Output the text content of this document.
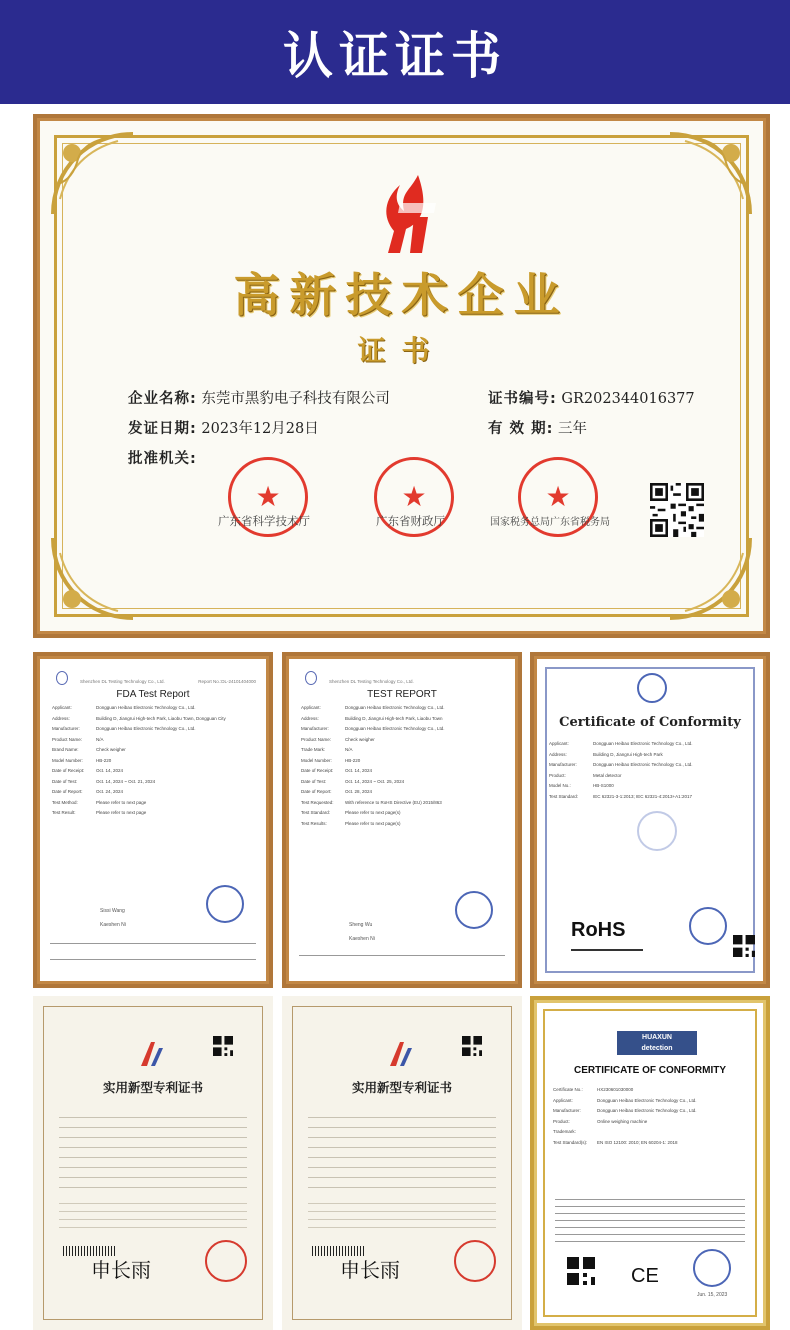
认证证书
高新技术企业
证书
企业名称: 东莞市黑豹电子科技有限公司	证书编号: GR202344016377
发证日期: 2023年12月28日	有 效 期: 三年
批准机关:
★
广东省科学技术厅
★
广东省财政厅
★
国家税务总局广东省税务局
Shenzhen DL Testing Technology Co., Ltd.	Report No.:DL-24101404000
FDA Test Report
Applicant:	Dongguan Heibao Electronic Technology Co., Ltd.
Address:	Building D, Jiangrui High-tech Park, Liaobu Town, Dongguan City
Manufacturer:	Dongguan Heibao Electronic Technology Co., Ltd.
Product Name:	N/A
Brand Name:	Check weigher
Model Number:	HB-220
Date of Receipt:	Oct. 14, 2024
Date of Test:	Oct. 14, 2024 ~ Oct. 21, 2024
Date of Report:	Oct. 24, 2024
Test Method:	Please refer to next page
Test Result:	Please refer to next page
Sissi Wang
Kaeshen Ni
Shenzhen DL Testing Technology Co., Ltd.
TEST REPORT
Applicant:	Dongguan Heibao Electronic Technology Co., Ltd.
Address:	Building D, Jiangrui High-tech Park, Liaobu Town
Manufacturer:	Dongguan Heibao Electronic Technology Co., Ltd.
Product Name:	Check weigher
Trade Mark:	N/A
Model Number:	HB-220
Date of Receipt:	Oct. 14, 2024
Date of Test:	Oct. 14, 2024 ~ Oct. 25, 2024
Date of Report:	Oct. 28, 2024
Test Requested:	With reference to RoHS Directive (EU) 2015/863
Test Standard:	Please refer to next page(s)
Test Results:	Please refer to next page(s)
Sheng Wu
Kaeshen Ni
Certificate of Conformity
Applicant:	Dongguan Heibao Electronic Technology Co., Ltd.
Address:	Building D, Jiangrui High-tech Park
Manufacturer:	Dongguan Heibao Electronic Technology Co., Ltd.
Product:	Metal detector
Model No.:	HB-S1000
Test Standard:	IEC 62321-3-1:2013; IEC 62321-4:2013+A1:2017
RoHS
实用新型专利证书
申长雨
实用新型专利证书
申长雨
HUAXUN
detection
CERTIFICATE OF CONFORMITY
Certificate No.:	HX230601030000
Applicant:	Dongguan Heibao Electronic Technology Co., Ltd.
Manufacturer:	Dongguan Heibao Electronic Technology Co., Ltd.
Product:	Online weighing machine
Trademark:
Test Standard(s):	EN ISO 12100: 2010; EN 60204-1: 2018
CE
Jun. 15, 2023
